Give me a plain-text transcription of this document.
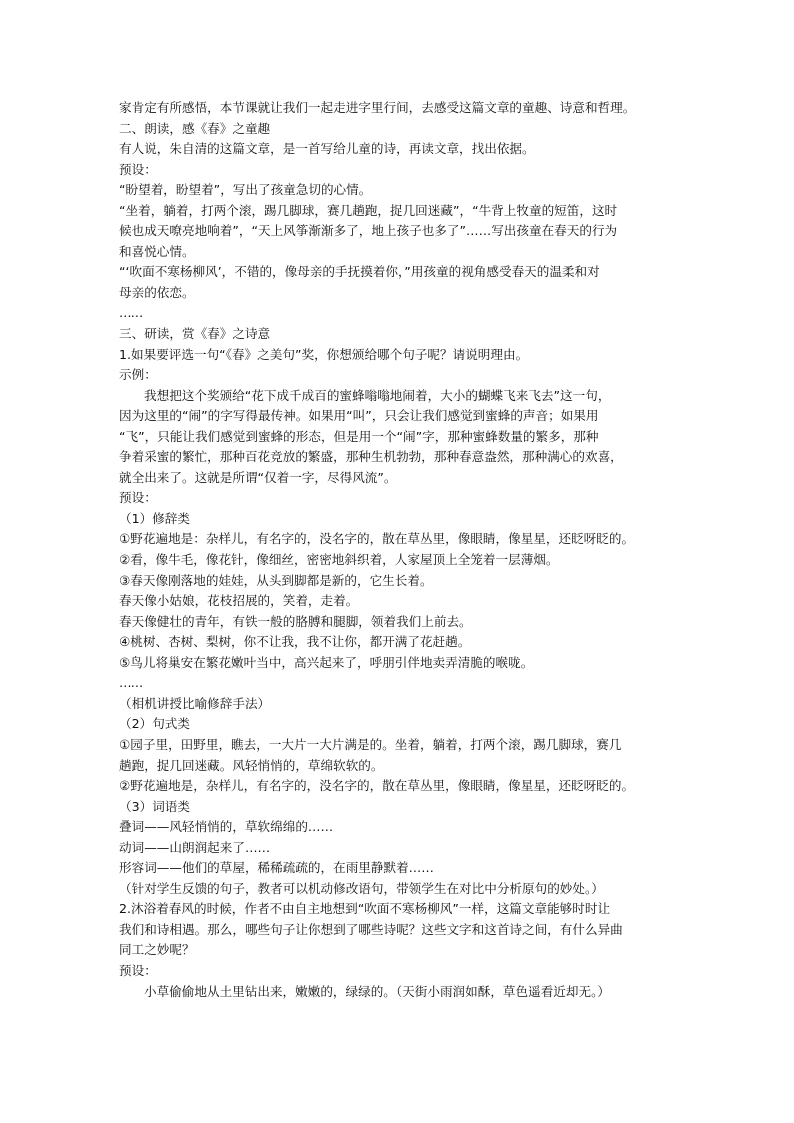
家肯定有所感悟，本节课就让我们一起走进字里行间，去感受这篇文章的童趣、诗意和哲理。
二、朗读，感《春》之童趣
有人说，朱自清的这篇文章，是一首写给儿童的诗，再读文章，找出依据。
预设：
“盼望着，盼望着”，写出了孩童急切的心情。
“坐着，躺着，打两个滚，踢几脚球，赛几趟跑，捉几回迷藏”，“牛背上牧童的短笛，这时
候也成天嘹亮地响着”，“天上风筝渐渐多了，地上孩子也多了”……写出孩童在春天的行为
和喜悦心情。
“‘吹面不寒杨柳风’，不错的，像母亲的手抚摸着你，”用孩童的视角感受春天的温柔和对
母亲的依恋。
……
三、研读，赏《春》之诗意
1.如果要评选一句“《春》之美句”奖，你想颁给哪个句子呢？请说明理由。
示例：
我想把这个奖颁给“花下成千成百的蜜蜂嗡嗡地闹着，大小的蝴蝶飞来飞去”这一句，
因为这里的“闹”的字写得最传神。如果用“叫”，只会让我们感觉到蜜蜂的声音；如果用
“飞”，只能让我们感觉到蜜蜂的形态，但是用一个“闹”字，那种蜜蜂数量的繁多，那种
争着采蜜的繁忙，那种百花竞放的繁盛，那种生机勃勃，那种春意盎然，那种满心的欢喜，
就全出来了。这就是所谓“仅着一字，尽得风流”。
预设：
（1）修辞类
①野花遍地是：杂样儿，有名字的，没名字的，散在草丛里，像眼睛，像星星，还眨呀眨的。
②看，像牛毛，像花针，像细丝，密密地斜织着，人家屋顶上全笼着一层薄烟。
③春天像刚落地的娃娃，从头到脚都是新的，它生长着。
春天像小姑娘，花枝招展的，笑着，走着。
春天像健壮的青年，有铁一般的胳膊和腿脚，领着我们上前去。
④桃树、杏树、梨树，你不让我，我不让你，都开满了花赶趟。
⑤鸟儿将巢安在繁花嫩叶当中，高兴起来了，呼朋引伴地卖弄清脆的喉咙。
……
（相机讲授比喻修辞手法）
（2）句式类
①园子里，田野里，瞧去，一大片一大片满是的。坐着，躺着，打两个滚，踢几脚球，赛几
趟跑，捉几回迷藏。风轻悄悄的，草绵软软的。
②野花遍地是，杂样儿，有名字的，没名字的，散在草丛里，像眼睛，像星星，还眨呀眨的。
（3）词语类
叠词——风轻悄悄的，草软绵绵的……
动词——山朗润起来了……
形容词——他们的草屋，稀稀疏疏的，在雨里静默着……
（针对学生反馈的句子，教者可以机动修改语句，带领学生在对比中分析原句的妙处。）
2.沐浴着春风的时候，作者不由自主地想到“吹面不寒杨柳风”一样，这篇文章能够时时让
我们和诗相遇。那么，哪些句子让你想到了哪些诗呢？这些文字和这首诗之间，有什么异曲
同工之妙呢？
预设：
小草偷偷地从土里钻出来，嫩嫩的，绿绿的。（天街小雨润如酥，草色遥看近却无。）
